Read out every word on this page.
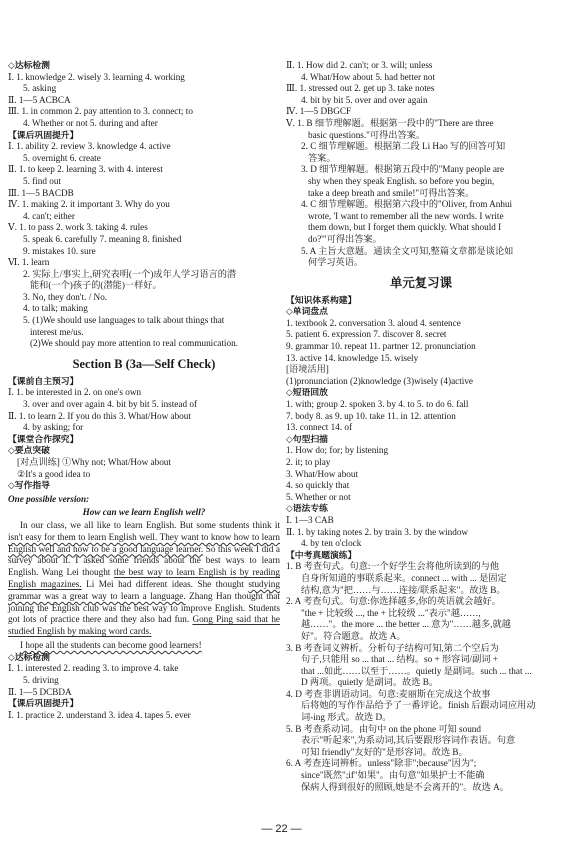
◇达标检测
Ⅰ. 1. knowledge 2. wisely 3. learning 4. working
5. asking
Ⅱ. 1—5 ACBCA
Ⅲ. 1. in common 2. pay attention to 3. connect; to
4. Whether or not 5. during and after
【课后巩固提升】
Ⅰ. 1. ability 2. review 3. knowledge 4. active
5. overnight 6. create
Ⅱ. 1. to keep 2. learning 3. with 4. interest
5. find out
Ⅲ. 1—5 BACDB
Ⅳ. 1. making 2. it important 3. Why do you
4. can't; either
Ⅴ. 1. to pass 2. work 3. taking 4. rules
5. speak 6. carefully 7. meaning 8. finished
9. mistakes 10. sure
Ⅵ. 1. learn
2. 实际上/事实上,研究表明(一个)成年人学习语言的潜
能和(一个)孩子的(潜能)一样好。
3. No, they don't. / No.
4. to talk; making
5. (1)We should use languages to talk about things that
interest me/us.
(2)We should pay more attention to real communication.
Section B (3a—Self Check)
【课前自主预习】
Ⅰ. 1. be interested in 2. on one's own
3. over and over again 4. bit by bit 5. instead of
Ⅱ. 1. to learn 2. If you do this 3. What/How about
4. by asking; for
【课堂合作探究】
◇要点突破
[对点训练] ①Why not; What/How about
②It's a good idea to
◇写作指导
One possible version:
How can we learn English well?

In our class, we all like to learn English. But some students think it isn't easy for them to learn English well. They want to know how to learn English well and how to be a good language learner. So this week I did a survey about it. I asked some friends about the best ways to learn English. Wang Lei thought the best way to learn English is by reading English magazines. Li Mei had different ideas. She thought studying grammar was a great way to learn a language. Zhang Han thought that joining the English club was the best way to improve English. Students got lots of practice there and they also had fun. Gong Ping said that he studied English by making word cards.

I hope all the students can become good learners!

◇达标检测
Ⅰ. 1. interested 2. reading 3. to improve 4. take
5. driving
Ⅱ. 1—5 DCBDA
【课后巩固提升】
Ⅰ. 1. practice 2. understand 3. idea 4. tapes 5. ever
Ⅱ. 1. How did 2. can't; or 3. will; unless
4. What/How about 5. had better not
Ⅲ. 1. stressed out 2. get up 3. take notes
4. bit by bit 5. over and over again
Ⅳ. 1—5 DBGCF
Ⅴ. 1. B 细节理解题。根据第一段中的"There are three
basic questions."可得出答案。
2. C 细节理解题。根据第二段 Li Hao 写的回答可知
答案。
3. D 细节理解题。根据第五段中的"Many people are
shy when they speak English. so before you begin,
take a deep breath and smile!"可得出答案。
4. C 细节理解题。根据第六段中的"Oliver, from Anhui
wrote, 'I want to remember all the new words. I write
them down, but I forget them quickly. What should I
do?'"可得出答案。
5. A 主旨大意题。通读全文可知,整篇文章都是谈论如
何学习英语。
单元复习课
【知识体系构建】
◇单词盘点
1. textbook 2. conversation 3. aloud 4. sentence
5. patient 6. expression 7. discover 8. secret
9. grammar 10. repeat 11. partner 12. pronunciation
13. active 14. knowledge 15. wisely
[语境活用]
(1)pronunciation (2)knowledge (3)wisely (4)active
◇短语回放
1. with; group 2. spoken 3. by 4. to 5. to do 6. fall
7. body 8. as 9. up 10. take 11. in 12. attention
13. connect 14. of
◇句型扫描
1. How do; for; by listening
2. it; to play
3. What/How about
4. so quickly that
5. Whether or not
◇语法专练
Ⅰ. 1—3 CAB
Ⅱ. 1. by taking notes 2. by train 3. by the window
4. by ten o'clock
【中考真题演练】
1. B 考查句式。句意:一个好学生会将他所读到的与他
自身所知道的事联系起来。connect ... with ... 是固定
结构,意为"把……与……连接/联系起来"。故选 B。
2. A 考查句式。句意:你选择越多,你的英语就会越好。
"the + 比较级 ..., the + 比较级 ..."表示"越……,
越……"。the more ... the better ... 意为"……越多,就越
好"。符合题意。故选 A。
3. B 考查词义辨析。分析句子结构可知,第二个空后为
句子,只能用 so ... that ... 结构。so + 形容词/副词 +
that ...如此……以至于……。quietly 是副词。such ... that ...
D 两项。quietly 是副词。故选 B。
4. D 考查非谓语动词。句意:麦丽斯在完成这个故事
后将她的写作作品给予了一番评论。finish 后跟动词应用动
词-ing 形式。故选 D。
5. B 考查系动词。由句中 on the phone 可知 sound
表示"听起来",为系动词,其后要跟形容词作表语。句意
可知 friendly"友好的"是形容词。故选 B。
6. A 考查连词辨析。unless"除非";because"因为";
since"既然";if"如果"。由句意"如果护士不能确
保病人得到很好的照顾,她是不会离开的"。故选 A。
— 22 —
